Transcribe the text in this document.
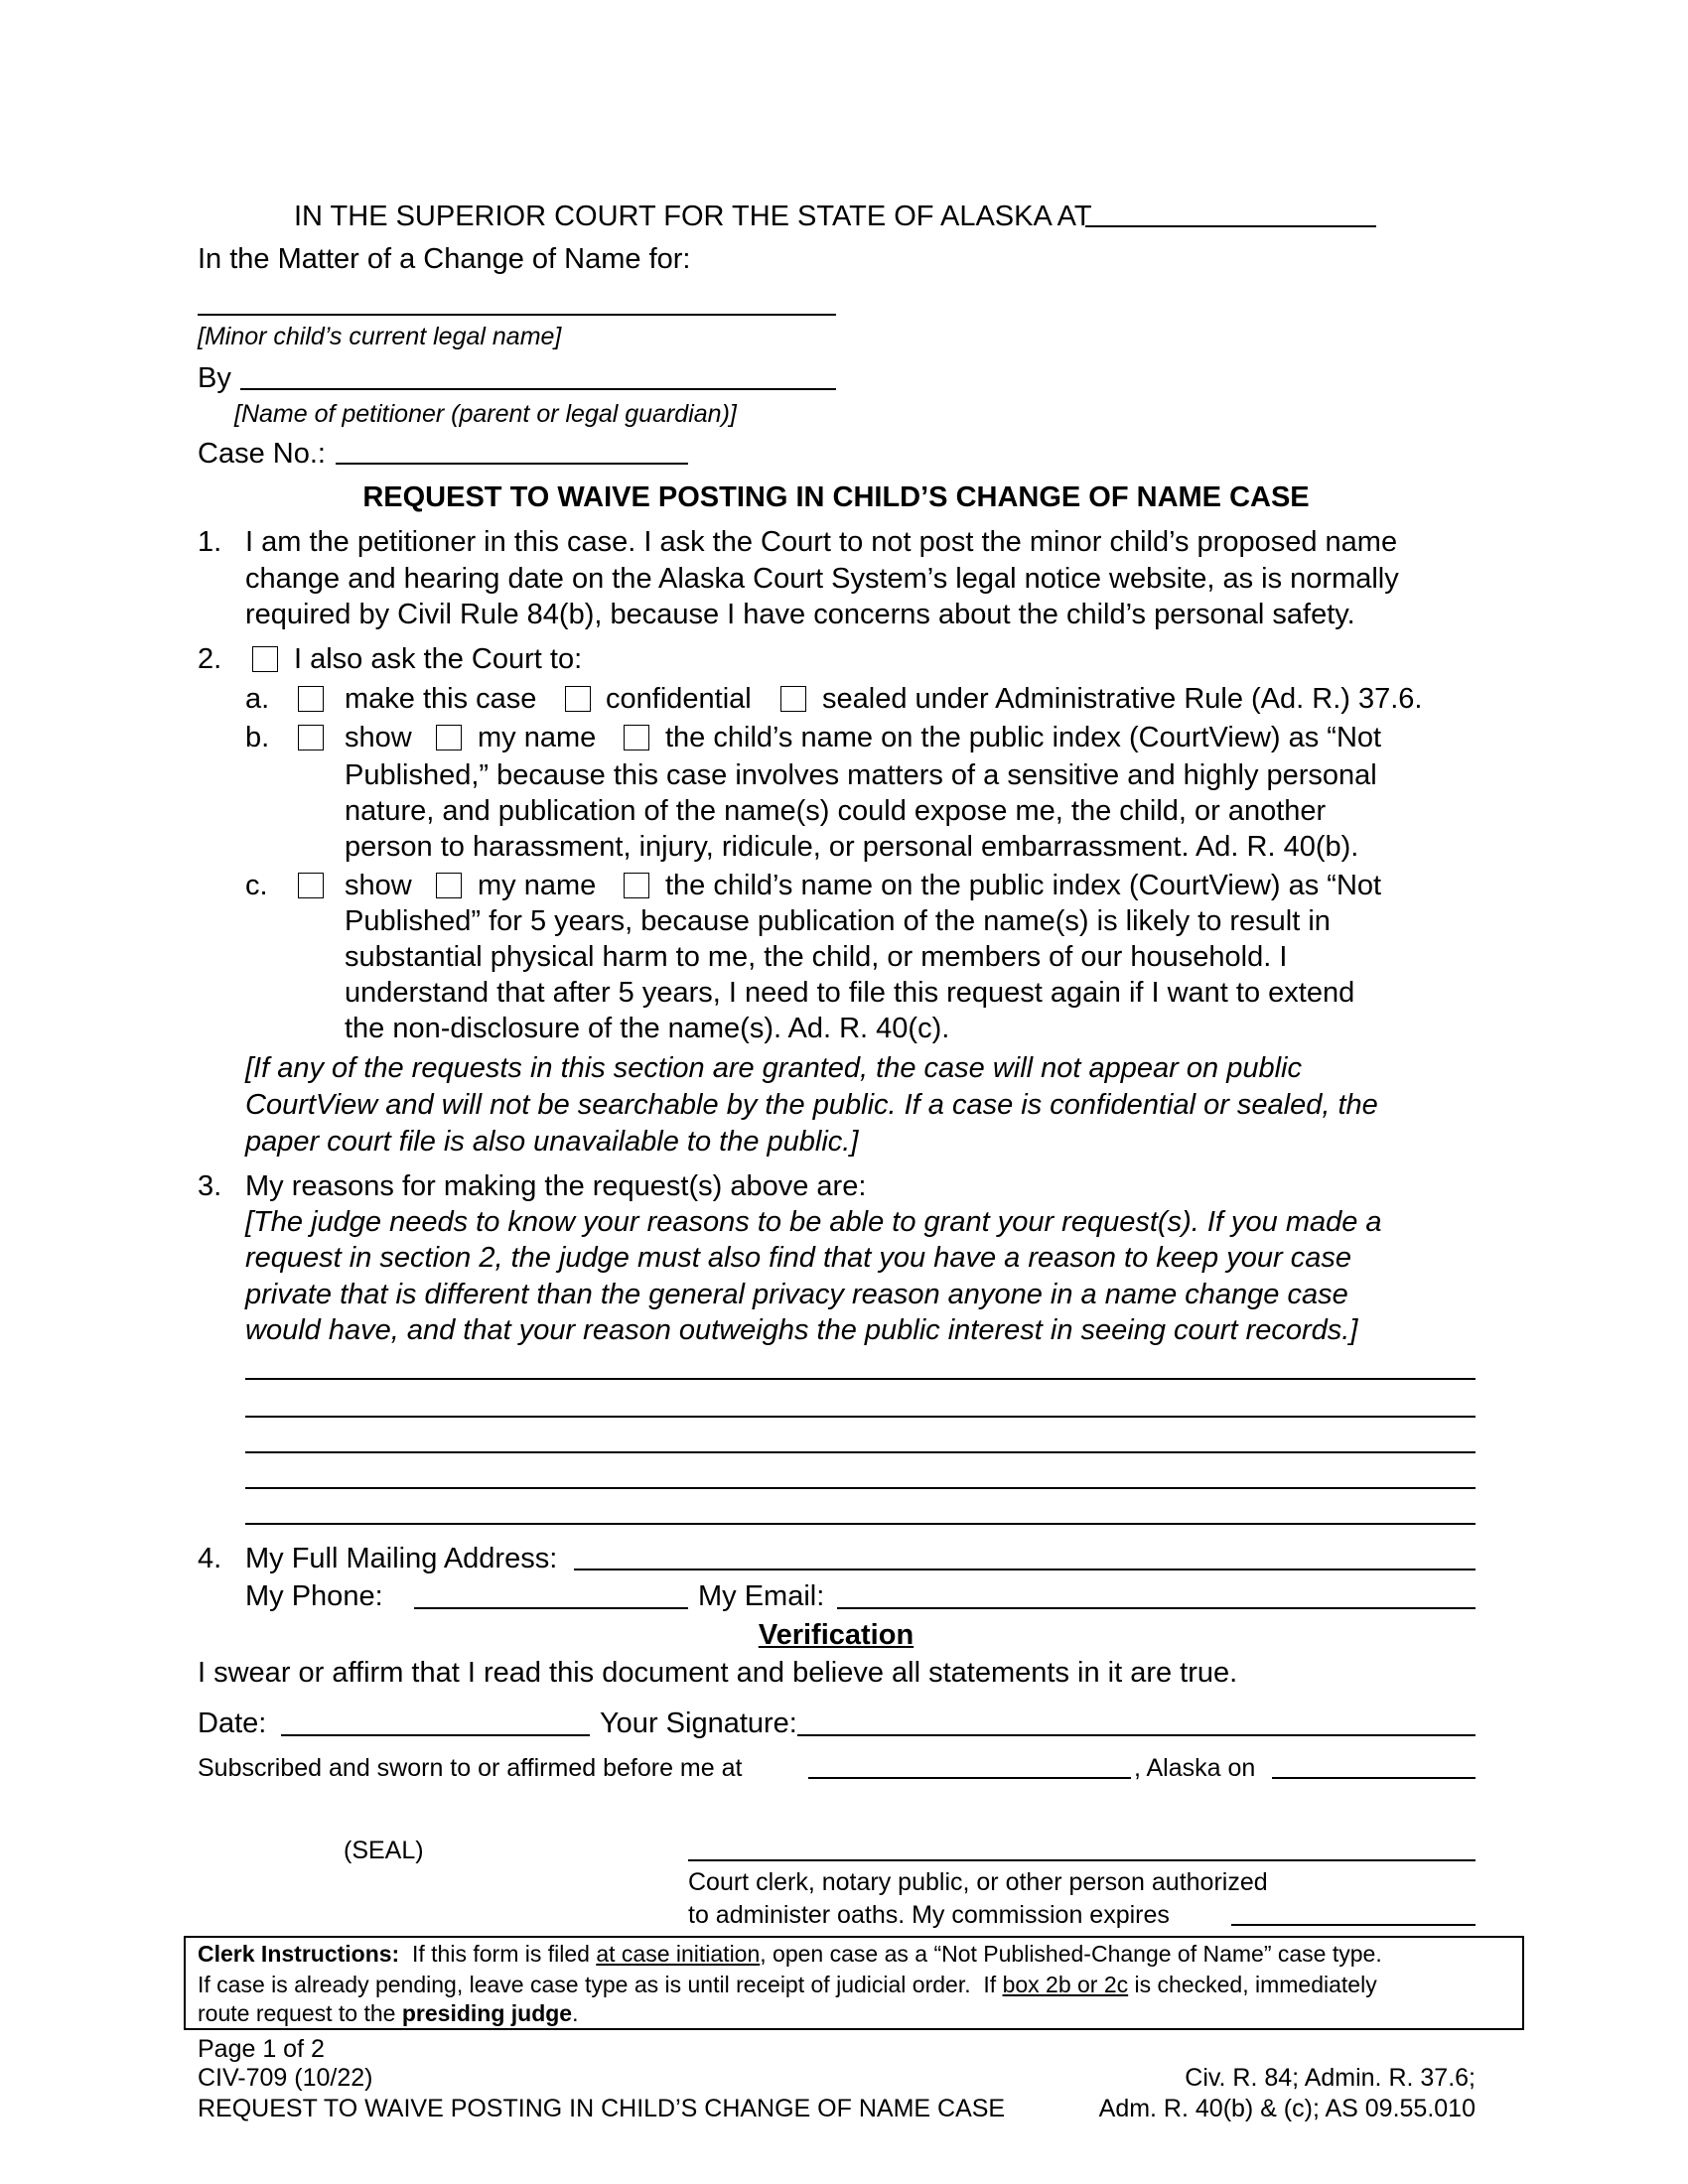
IN THE SUPERIOR COURT FOR THE STATE OF ALASKA AT
In the Matter of a Change of Name for:
[Minor child’s current legal name]
By
[Name of petitioner (parent or legal guardian)]
Case No.:
REQUEST TO WAIVE POSTING IN CHILD’S CHANGE OF NAME CASE
1. I am the petitioner in this case. I ask the Court to not post the minor child’s proposed name
change and hearing date on the Alaska Court System’s legal notice website, as is normally
required by Civil Rule 84(b), because I have concerns about the child’s personal safety.
2.	I also ask the Court to:
a.	make this case confidential sealed under Administrative Rule (Ad. R.) 37.6.
b.	show my name the child’s name on the public index (CourtView) as “Not
Published,” because this case involves matters of a sensitive and highly personal
nature, and publication of the name(s) could expose me, the child, or another
person to harassment, injury, ridicule, or personal embarrassment. Ad. R. 40(b).
c.	show my name the child’s name on the public index (CourtView) as “Not
Published” for 5 years, because publication of the name(s) is likely to result in
substantial physical harm to me, the child, or members of our household. I
understand that after 5 years, I need to file this request again if I want to extend
the non-disclosure of the name(s). Ad. R. 40(c).
[If any of the requests in this section are granted, the case will not appear on public
CourtView and will not be searchable by the public. If a case is confidential or sealed, the
paper court file is also unavailable to the public.]
3. My reasons for making the request(s) above are:
[The judge needs to know your reasons to be able to grant your request(s). If you made a
request in section 2, the judge must also find that you have a reason to keep your case
private that is different than the general privacy reason anyone in a name change case
would have, and that your reason outweighs the public interest in seeing court records.]
4. My Full Mailing Address:
My Phone:	My Email:
Verification
I swear or affirm that I read this document and believe all statements in it are true.
Date:	Your Signature:
Subscribed and sworn to or affirmed before me at	, Alaska on
(SEAL)
Court clerk, notary public, or other person authorized
to administer oaths. My commission expires
Clerk Instructions:  If this form is filed at case initiation, open case as a “Not Published-Change of Name” case type.
If case is already pending, leave case type as is until receipt of judicial order.  If box 2b or 2c is checked, immediately
route request to the presiding judge.
Page 1 of 2
CIV-709 (10/22)
REQUEST TO WAIVE POSTING IN CHILD’S CHANGE OF NAME CASE
Civ. R. 84; Admin. R. 37.6;
Adm. R. 40(b) & (c); AS 09.55.010
